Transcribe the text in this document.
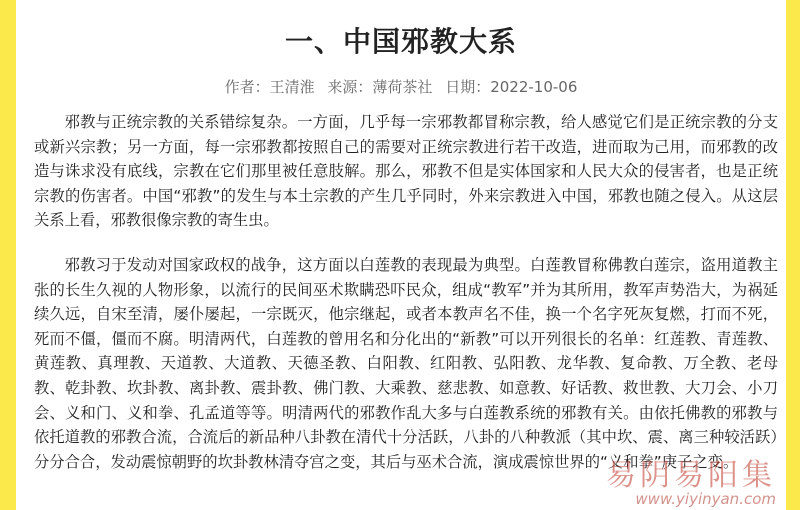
一、中国邪教大系
作者：王清淮 来源：薄荷茶社 日期：2022-10-06

邪教与正统宗教的关系错综复杂。一方面，几乎每一宗邪教都冒称宗教，给人感觉它们是正统宗教的分支或新兴宗教；另一方面，每一宗邪教都按照自己的需要对正统宗教进行若干改造，进而取为己用，而邪教的改造与诛求没有底线，宗教在它们那里被任意肢解。那么，邪教不但是实体国家和人民大众的侵害者，也是正统宗教的伤害者。中国“邪教”的发生与本土宗教的产生几乎同时，外来宗教进入中国，邪教也随之侵入。从这层关系上看，邪教很像宗教的寄生虫。

邪教习于发动对国家政权的战争，这方面以白莲教的表现最为典型。白莲教冒称佛教白莲宗，盗用道教主张的长生久视的人物形象，以流行的民间巫术欺瞒恐吓民众，组成“教军”并为其所用，教军声势浩大，为祸延续久远，自宋至清，屡仆屡起，一宗既灭，他宗继起，或者本教声名不佳，换一个名字死灰复燃，打而不死，死而不僵，僵而不腐。明清两代，白莲教的曾用名和分化出的“新教”可以开列很长的名单：红莲教、青莲教、黄莲教、真理教、天道教、大道教、天德圣教、白阳教、红阳教、弘阳教、龙华教、复命教、万全教、老母教、乾卦教、坎卦教、离卦教、震卦教、佛门教、大乘教、慈悲教、如意教、好话教、救世教、大刀会、小刀会、义和门、义和拳、孔孟道等等。明清两代的邪教作乱大多与白莲教系统的邪教有关。由依托佛教的邪教与依托道教的邪教合流，合流后的新品种八卦教在清代十分活跃，八卦的八种教派（其中坎、震、离三种较活跃）分分合合，发动震惊朝野的坎卦教林清夺宫之变，其后与巫术合流，演成震惊世界的“义和拳”庚子之变。

易阴易阳集
www.yiyinyan.com
